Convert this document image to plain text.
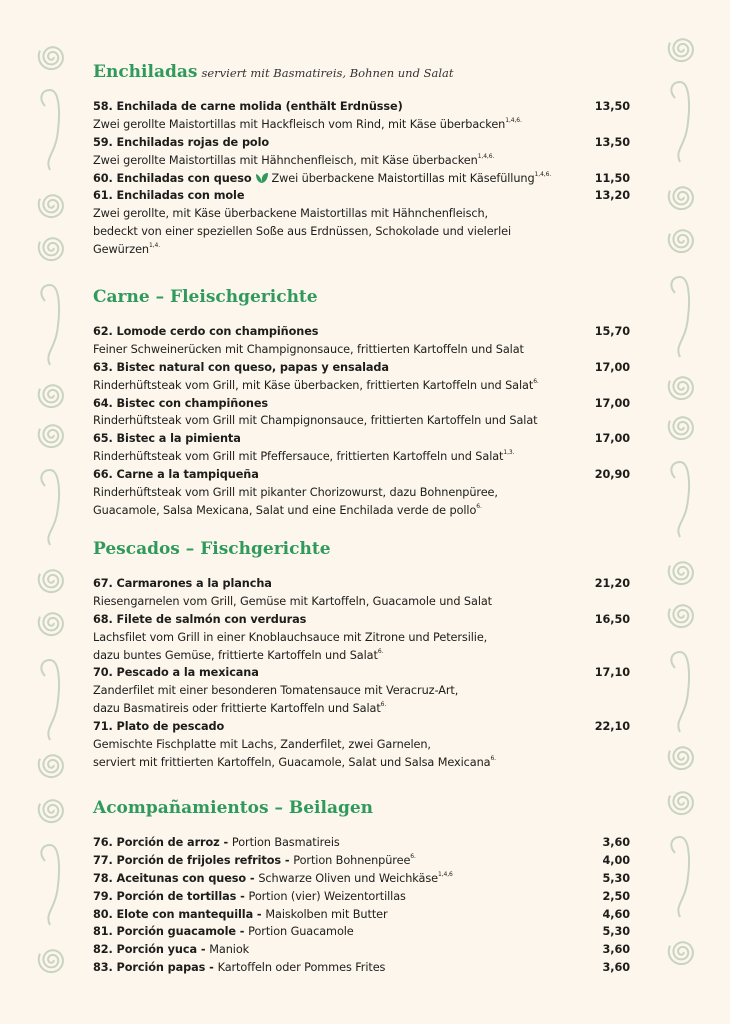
Enchiladas serviert mit Basmatireis, Bohnen und Salat
58. Enchilada de carne molida (enthält Erdnüsse)	13,50
Zwei gerollte Maistortillas mit Hackfleisch vom Rind, mit Käse überbacken$^{1,4,6.}$
59. Enchiladas rojas de polo	13,50
Zwei gerollte Maistortillas mit Hähnchenfleisch, mit Käse überbacken$^{1,4,6.}$
60. Enchiladas con queso Zwei überbackene Maistortillas mit Käsefüllung$^{1,4,6.}$	11,50
61. Enchiladas con mole	13,20
Zwei gerollte, mit Käse überbackene Maistortillas mit Hähnchenfleisch,
bedeckt von einer speziellen Soße aus Erdnüssen, Schokolade und vielerlei
Gewürzen$^{1,4.}$
Carne – Fleischgerichte
62. Lomode cerdo con champiñones	15,70
Feiner Schweinerücken mit Champignonsauce, frittierten Kartoffeln und Salat
63. Bistec natural con queso, papas y ensalada	17,00
Rinderhüftsteak vom Grill, mit Käse überbacken, frittierten Kartoffeln und Salat$^{6.}$
64. Bistec con champiñones	17,00
Rinderhüftsteak vom Grill mit Champignonsauce, frittierten Kartoffeln und Salat
65. Bistec a la pimienta	17,00
Rinderhüftsteak vom Grill mit Pfeffersauce, frittierten Kartoffeln und Salat$^{1,3.}$
66. Carne a la tampiqueña	20,90
Rinderhüftsteak vom Grill mit pikanter Chorizowurst, dazu Bohnenpüree,
Guacamole, Salsa Mexicana, Salat und eine Enchilada verde de pollo$^{6.}$
Pescados – Fischgerichte
67. Carmarones a la plancha	21,20
Riesengarnelen vom Grill, Gemüse mit Kartoffeln, Guacamole und Salat
68. Filete de salmón con verduras	16,50
Lachsfilet vom Grill in einer Knoblauchsauce mit Zitrone und Petersilie,
dazu buntes Gemüse, frittierte Kartoffeln und Salat$^{6.}$
70. Pescado a la mexicana	17,10
Zanderfilet mit einer besonderen Tomatensauce mit Veracruz-Art,
dazu Basmatireis oder frittierte Kartoffeln und Salat$^{6.}$
71. Plato de pescado	22,10
Gemischte Fischplatte mit Lachs, Zanderfilet, zwei Garnelen,
serviert mit frittierten Kartoffeln, Guacamole, Salat und Salsa Mexicana$^{6.}$
Acompañamientos – Beilagen
76. Porción de arroz - Portion Basmatireis	3,60
77. Porción de frijoles refritos - Portion Bohnenpüree$^{6.}$	4,00
78. Aceitunas con queso - Schwarze Oliven und Weichkäse$^{1,4,6}$	5,30
79. Porción de tortillas - Portion (vier) Weizentortillas	2,50
80. Elote con mantequilla - Maiskolben mit Butter	4,60
81. Porción guacamole - Portion Guacamole	5,30
82. Porción yuca - Maniok	3,60
83. Porción papas - Kartoffeln oder Pommes Frites	3,60
